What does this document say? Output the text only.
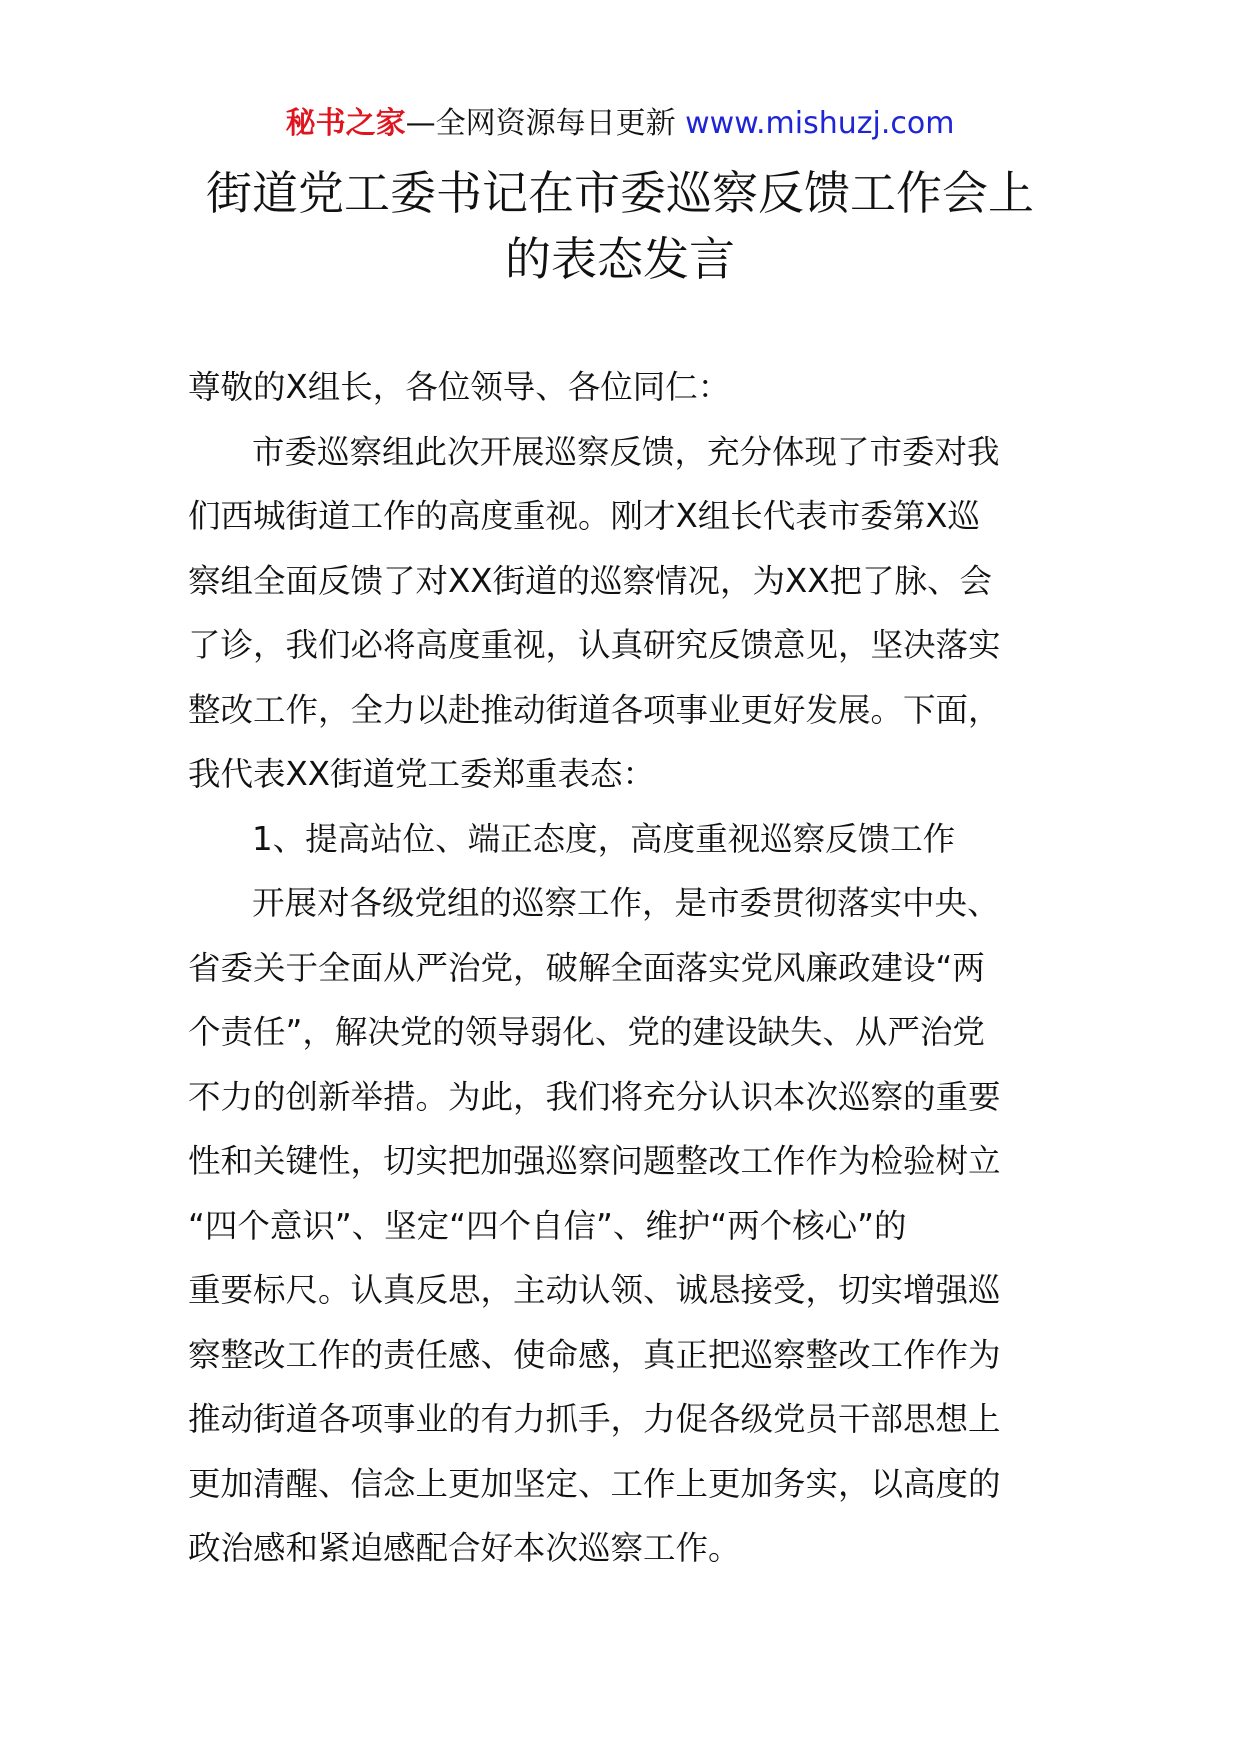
秘书之家—全网资源每日更新 www.mishuzj.com
街道党工委书记在市委巡察反馈工作会上
的表态发言

尊敬的X组长，各位领导、各位同仁：

市委巡察组此次开展巡察反馈，充分体现了市委对我
们西城街道工作的高度重视。刚才X组长代表市委第X巡
察组全面反馈了对XX街道的巡察情况，为XX把了脉、会
了诊，我们必将高度重视，认真研究反馈意见，坚决落实
整改工作，全力以赴推动街道各项事业更好发展。下面，
我代表XX街道党工委郑重表态：

1、提高站位、端正态度，高度重视巡察反馈工作

开展对各级党组的巡察工作，是市委贯彻落实中央、
省委关于全面从严治党，破解全面落实党风廉政建设“两
个责任”，解决党的领导弱化、党的建设缺失、从严治党
不力的创新举措。为此，我们将充分认识本次巡察的重要
性和关键性，切实把加强巡察问题整改工作作为检验树立
“四个意识”、坚定“四个自信”、维护“两个核心”的
重要标尺。认真反思，主动认领、诚恳接受，切实增强巡
察整改工作的责任感、使命感，真正把巡察整改工作作为
推动街道各项事业的有力抓手，力促各级党员干部思想上
更加清醒、信念上更加坚定、工作上更加务实，以高度的
政治感和紧迫感配合好本次巡察工作。
